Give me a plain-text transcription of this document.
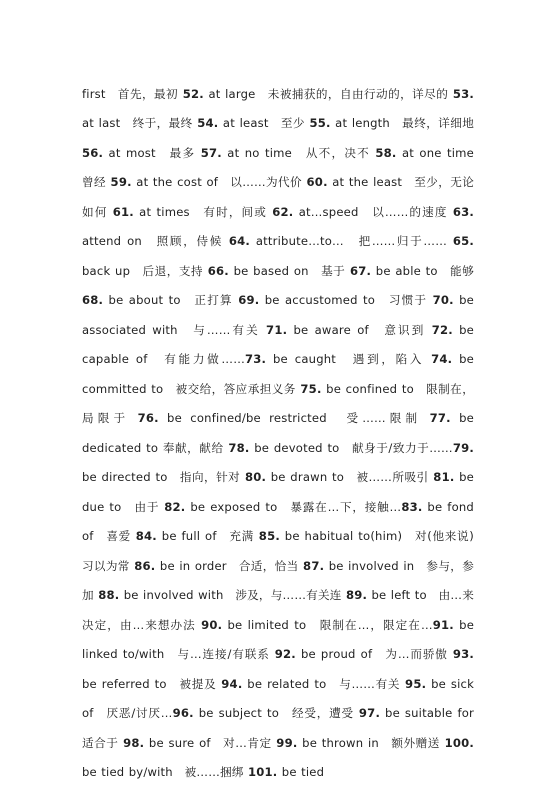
first　首先，最初 52. at large　未被捕获的，自由行动的，详尽的 53. at last　终于，最终 54. at least　至少 55. at length　最终，详细地 56. at most　最多 57. at no time　从不，决不 58. at one time　曾经 59. at the cost of　以……为代价 60. at the least　至少，无论如何 61. at times　有时，间或 62. at…speed　以……的速度 63. attend on　照顾，侍候 64. attribute…to…　把……归于…… 65. back up　后退，支持 66. be based on　基于 67. be able to　能够 68. be about to　正打算 69. be accustomed to　习惯于 70. be associated with　与……有关 71. be aware of　意识到 72. be capable of　有能力做……73. be caught　遇到，陷入 74. be committed to　被交给，答应承担义务 75. be confined to　限制在，局限于 76. be confined/be restricted　受……限制 77. be dedicated to 奉献，献给 78. be devoted to　献身于/致力于……79. be directed to　指向，针对 80. be drawn to　被……所吸引 81. be due to　由于 82. be exposed to　暴露在…下，接触…83. be fond of　喜爱 84. be full of　充满 85. be habitual to(him)　对(他来说)习以为常 86. be in order　合适，恰当 87. be involved in　参与，参加 88. be involved with　涉及，与……有关连 89. be left to　由…来决定，由…来想办法 90. be limited to　限制在…，限定在…91. be linked to/with　与…连接/有联系 92. be proud of　为…而骄傲 93. be referred to　被提及 94. be related to　与……有关 95. be sick of　厌恶/讨厌…96. be subject to　经受，遭受 97. be suitable for　适合于 98. be sure of　对…肯定 99. be thrown in　额外赠送 100. be tied by/with　被……捆绑 101. be tied
